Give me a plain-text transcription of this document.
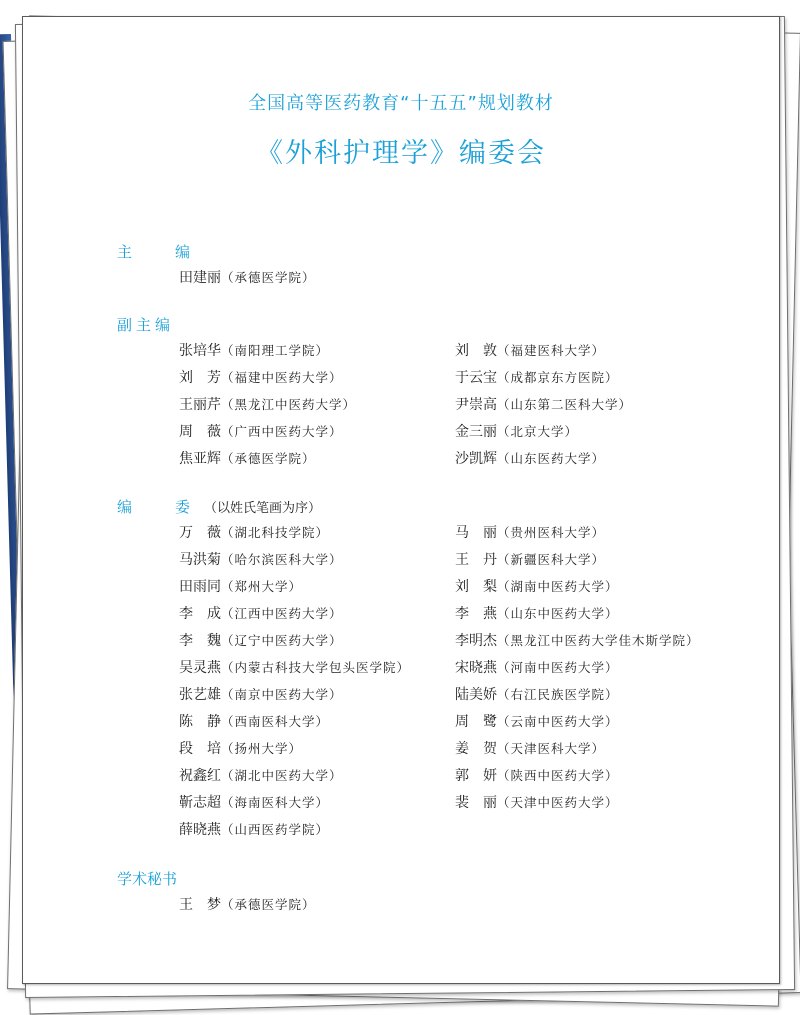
全国高等医药教育“十五五”规划教材
《外科护理学》编委会
主　编
田建丽（承德医学院）
副主编
张培华（南阳理工学院）
刘　芳（福建中医药大学）
王丽芹（黑龙江中医药大学）
周　薇（广西中医药大学）
焦亚辉（承德医学院）
刘　敦（福建医科大学）
于云宝（成都京东方医院）
尹崇高（山东第二医科大学）
金三丽（北京大学）
沙凯辉（山东医药大学）
编　委（以姓氏笔画为序）
万　薇（湖北科技学院）
马洪菊（哈尔滨医科大学）
田雨同（郑州大学）
李　成（江西中医药大学）
李　魏（辽宁中医药大学）
吴灵燕（内蒙古科技大学包头医学院）
张艺雄（南京中医药大学）
陈　静（西南医科大学）
段　培（扬州大学）
祝鑫红（湖北中医药大学）
靳志超（海南医科大学）
薛晓燕（山西医药学院）
马　丽（贵州医科大学）
王　丹（新疆医科大学）
刘　梨（湖南中医药大学）
李　燕（山东中医药大学）
李明杰（黑龙江中医药大学佳木斯学院）
宋晓燕（河南中医药大学）
陆美娇（右江民族医学院）
周　鹭（云南中医药大学）
姜　贺（天津医科大学）
郭　妍（陕西中医药大学）
裴　丽（天津中医药大学）
学术秘书
王　梦（承德医学院）
